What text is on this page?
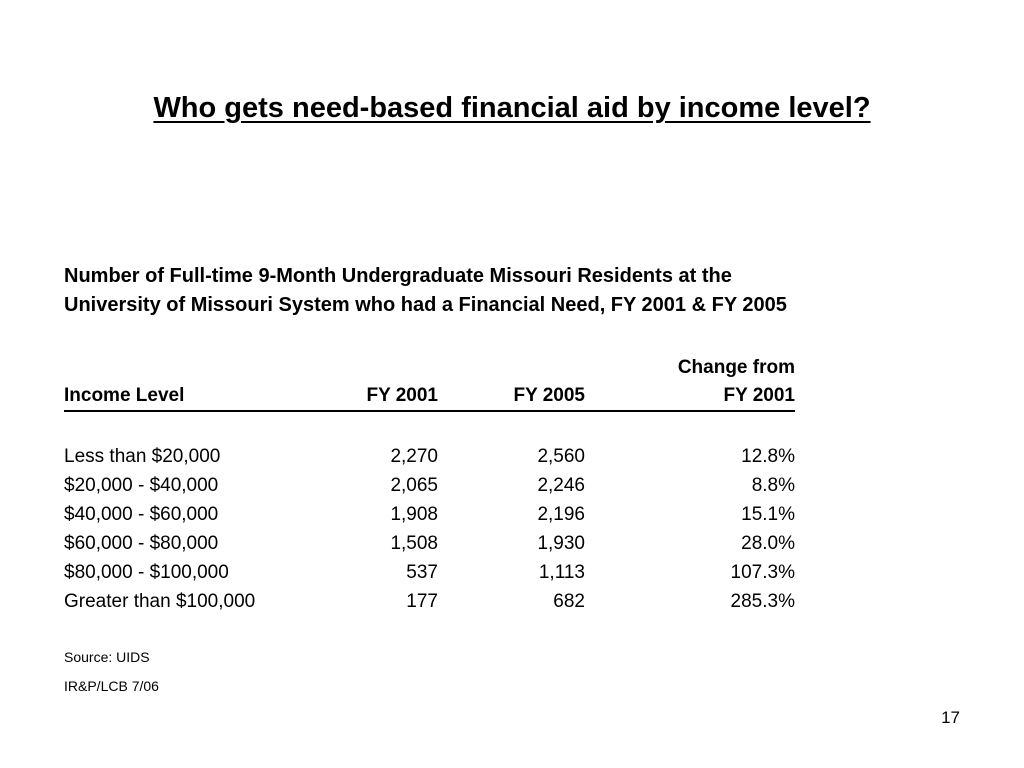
Who gets need-based financial aid by income level?
Number of Full-time 9-Month Undergraduate Missouri Residents at the
University of Missouri System who had a Financial Need, FY 2001 & FY 2005
			Change from
Income Level	FY 2001	FY 2005	FY 2001

Less than $20,000	2,270	2,560	12.8%
$20,000 - $40,000	2,065	2,246	8.8%
$40,000 - $60,000	1,908	2,196	15.1%
$60,000 - $80,000	1,508	1,930	28.0%
$80,000 - $100,000	537	1,113	107.3%
Greater than $100,000	177	682	285.3%
Source: UIDS
IR&P/LCB 7/06
17
